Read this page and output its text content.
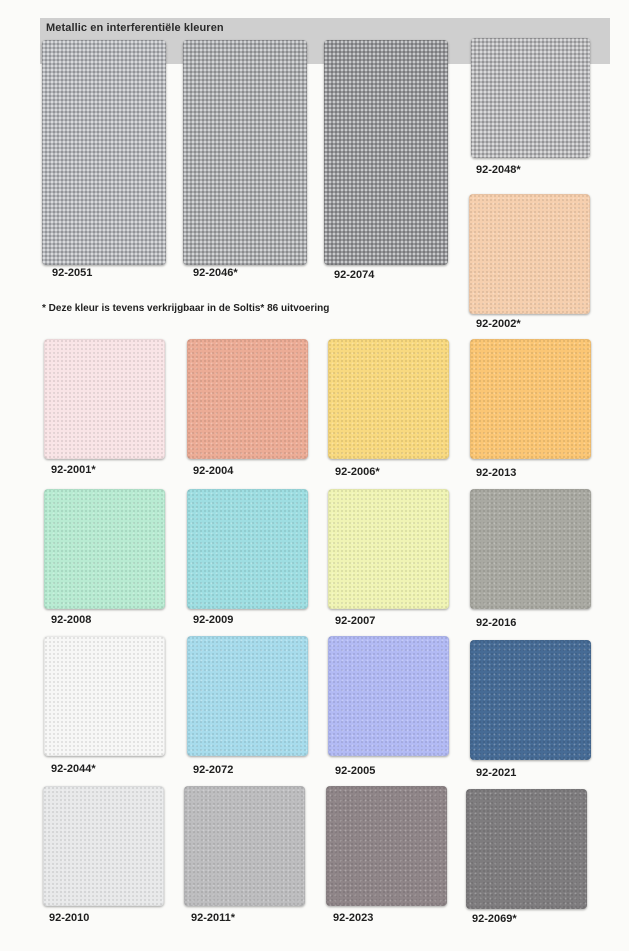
Metallic en interferentiële kleuren
92-2051	92-2046*	92-2074
92-2048*
92-2002*
* Deze kleur is tevens verkrijgbaar in de Soltis* 86 uitvoering
92-2001*	92-2004	92-2006*	92-2013
92-2008	92-2009	92-2007	92-2016
92-2044*	92-2072	92-2005	92-2021
92-2010	92-2011*	92-2023	92-2069*
